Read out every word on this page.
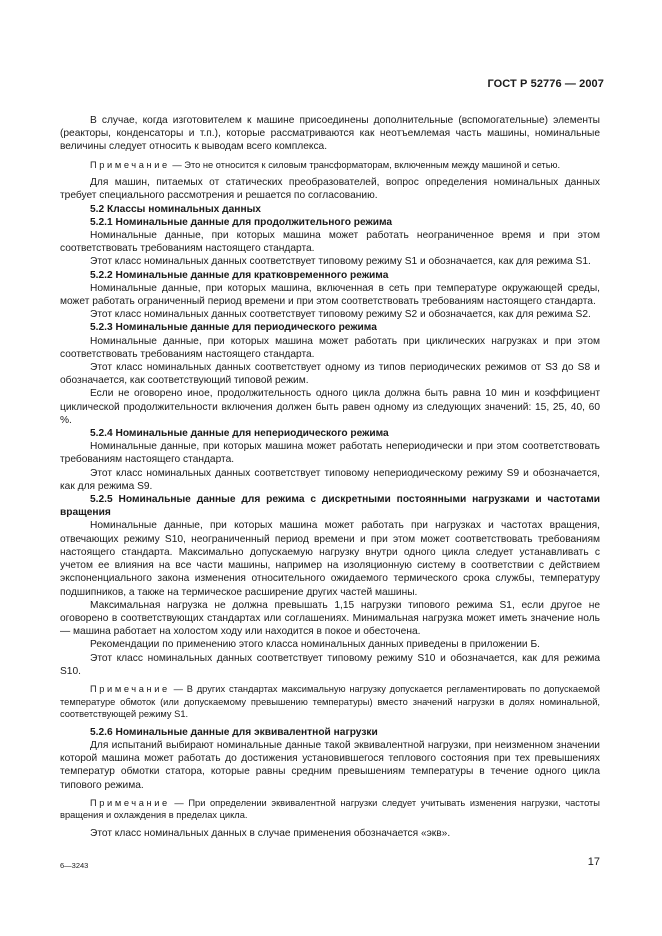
ГОСТ Р 52776 — 2007

В случае, когда изготовителем к машине присоединены дополнительные (вспомогательные) элементы (реакторы, конденсаторы и т.п.), которые рассматриваются как неотъемлемая часть машины, номинальные величины следует относить к выводам всего комплекса.

Примечание — Это не относится к силовым трансформаторам, включенным между машиной и сетью.

Для машин, питаемых от статических преобразователей, вопрос определения номинальных данных требует специального рассмотрения и решается по согласованию.

5.2 Классы номинальных данных

5.2.1 Номинальные данные для продолжительного режима

Номинальные данные, при которых машина может работать неограниченное время и при этом соответствовать требованиям настоящего стандарта.

Этот класс номинальных данных соответствует типовому режиму S1 и обозначается, как для режима S1.

5.2.2 Номинальные данные для кратковременного режима

Номинальные данные, при которых машина, включенная в сеть при температуре окружающей среды, может работать ограниченный период времени и при этом соответствовать требованиям настоящего стандарта.

Этот класс номинальных данных соответствует типовому режиму S2 и обозначается, как для режима S2.

5.2.3 Номинальные данные для периодического режима

Номинальные данные, при которых машина может работать при циклических нагрузках и при этом соответствовать требованиям настоящего стандарта.

Этот класс номинальных данных соответствует одному из типов периодических режимов от S3 до S8 и обозначается, как соответствующий типовой режим.

Если не оговорено иное, продолжительность одного цикла должна быть равна 10 мин и коэффициент циклической продолжительности включения должен быть равен одному из следующих значений: 15, 25, 40, 60 %.

5.2.4 Номинальные данные для непериодического режима

Номинальные данные, при которых машина может работать непериодически и при этом соответствовать требованиям настоящего стандарта.

Этот класс номинальных данных соответствует типовому непериодическому режиму S9 и обозначается, как для режима S9.

5.2.5 Номинальные данные для режима с дискретными постоянными нагрузками и частотами вращения

Номинальные данные, при которых машина может работать при нагрузках и частотах вращения, отвечающих режиму S10, неограниченный период времени и при этом может соответствовать требованиям настоящего стандарта. Максимально допускаемую нагрузку внутри одного цикла следует устанавливать с учетом ее влияния на все части машины, например на изоляционную систему в соответствии с действием экспоненциального закона изменения относительного ожидаемого термического срока службы, температуру подшипников, а также на термическое расширение других частей машины.

Максимальная нагрузка не должна превышать 1,15 нагрузки типового режима S1, если другое не оговорено в соответствующих стандартах или соглашениях. Минимальная нагрузка может иметь значение ноль — машина работает на холостом ходу или находится в покое и обесточена.

Рекомендации по применению этого класса номинальных данных приведены в приложении Б.

Этот класс номинальных данных соответствует типовому режиму S10 и обозначается, как для режима S10.

Примечание — В других стандартах максимальную нагрузку допускается регламентировать по допускаемой температуре обмоток (или допускаемому превышению температуры) вместо значений нагрузки в долях номинальной, соответствующей режиму S1.

5.2.6 Номинальные данные для эквивалентной нагрузки

Для испытаний выбирают номинальные данные такой эквивалентной нагрузки, при неизменном значении которой машина может работать до достижения установившегося теплового состояния при тех превышениях температур обмотки статора, которые равны средним превышениям температуры в течение одного цикла типового режима.

Примечание — При определении эквивалентной нагрузки следует учитывать изменения нагрузки, частоты вращения и охлаждения в пределах цикла.

Этот класс номинальных данных в случае применения обозначается «экв».

6—3243	17
